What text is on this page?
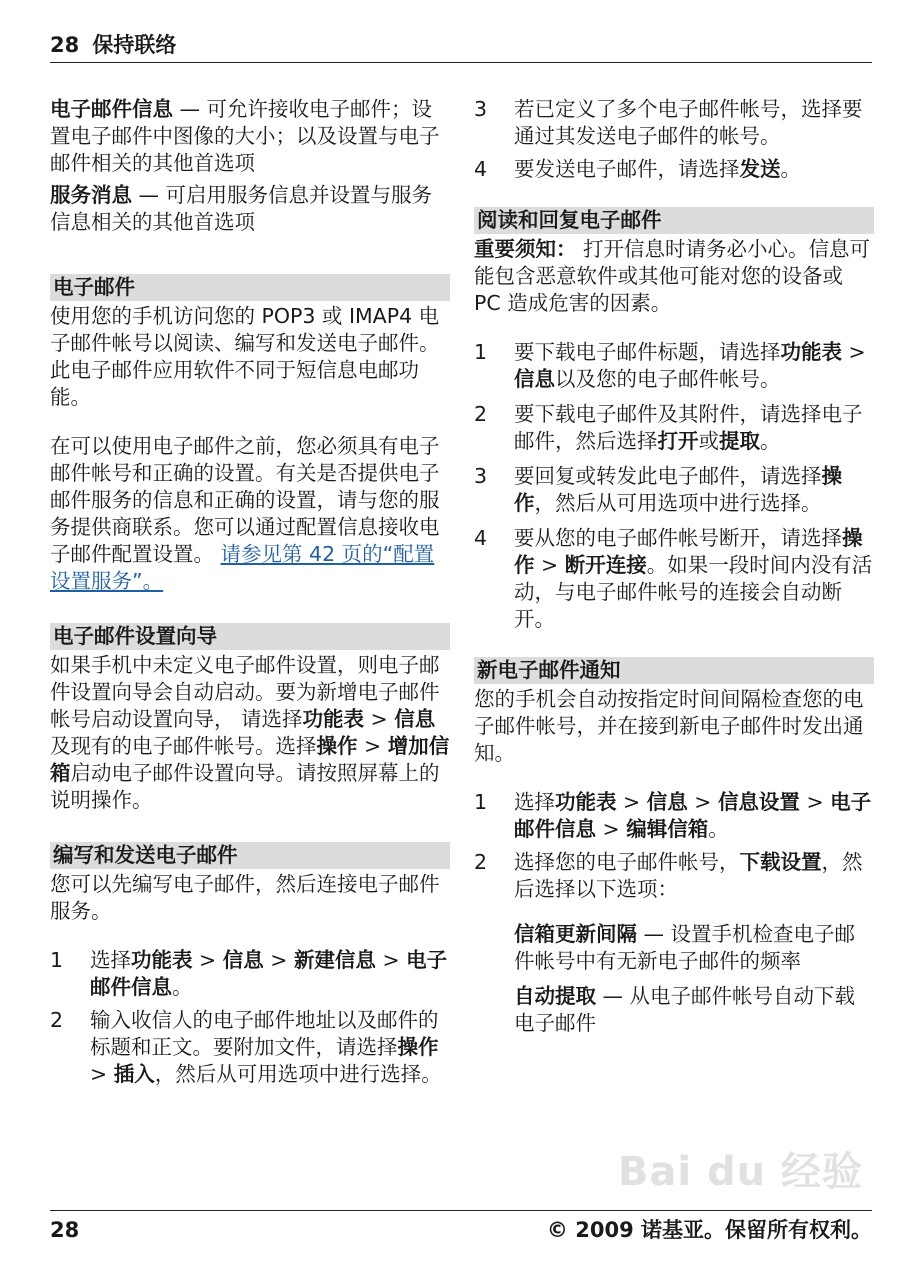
28 保持联络

电子邮件信息 — 可允许接收电子邮件；设置电子邮件中图像的大小；以及设置与电子邮件相关的其他首选项

服务消息 — 可启用服务信息并设置与服务信息相关的其他首选项

电子邮件

使用您的手机访问您的 POP3 或 IMAP4 电子邮件帐号以阅读、编写和发送电子邮件。此电子邮件应用软件不同于短信息电邮功能。

在可以使用电子邮件之前，您必须具有电子邮件帐号和正确的设置。有关是否提供电子邮件服务的信息和正确的设置，请与您的服务提供商联系。您可以通过配置信息接收电子邮件配置设置。 请参见第 42 页的“配置设置服务”。

电子邮件设置向导

如果手机中未定义电子邮件设置，则电子邮件设置向导会自动启动。要为新增电子邮件帐号启动设置向导， 请选择功能表 > 信息及现有的电子邮件帐号。选择操作 > 增加信箱启动电子邮件设置向导。请按照屏幕上的说明操作。

编写和发送电子邮件

您可以先编写电子邮件，然后连接电子邮件服务。

1	选择功能表 > 信息 > 新建信息 > 电子邮件信息。
2	输入收信人的电子邮件地址以及邮件的标题和正文。要附加文件，请选择操作 > 插入，然后从可用选项中进行选择。
3	若已定义了多个电子邮件帐号，选择要通过其发送电子邮件的帐号。
4	要发送电子邮件，请选择发送。
阅读和回复电子邮件

重要须知： 打开信息时请务必小心。信息可能包含恶意软件或其他可能对您的设备或 PC 造成危害的因素。

1	要下载电子邮件标题，请选择功能表 > 信息以及您的电子邮件帐号。
2	要下载电子邮件及其附件，请选择电子邮件，然后选择打开或提取。
3	要回复或转发此电子邮件，请选择操作，然后从可用选项中进行选择。
4	要从您的电子邮件帐号断开，请选择操作 > 断开连接。如果一段时间内没有活动，与电子邮件帐号的连接会自动断开。
新电子邮件通知

您的手机会自动按指定时间间隔检查您的电子邮件帐号，并在接到新电子邮件时发出通知。

1	选择功能表 > 信息 > 信息设置 > 电子邮件信息 > 编辑信箱。
2	选择您的电子邮件帐号，下载设置，然后选择以下选项：

信箱更新间隔 — 设置手机检查电子邮件帐号中有无新电子邮件的频率

自动提取 — 从电子邮件帐号自动下载电子邮件

Bai du 经验
28	© 2009 诺基亚。保留所有权利。
